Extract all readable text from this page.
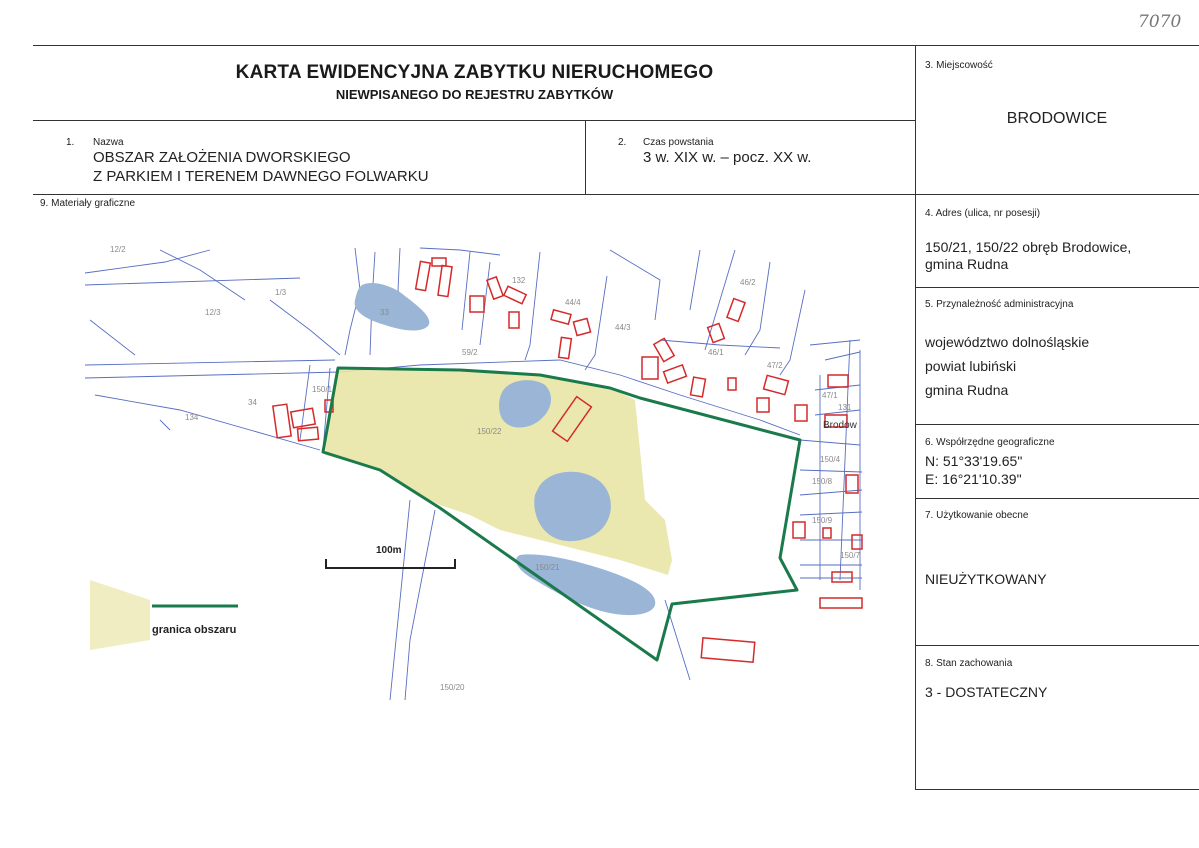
7070
KARTA EWIDENCYJNA ZABYTKU NIERUCHOMEGO
NIEWPISANEGO DO REJESTRU ZABYTKÓW
1. Nazwa
OBSZAR ZAŁOŻENIA DWORSKIEGO
Z PARKIEM I TERENEM DAWNEGO FOLWARKU
2. Czas powstania
3 w. XIX w. – pocz. XX w.
3. Miejscowość
BRODOWICE
4. Adres (ulica, nr posesji)
150/21, 150/22 obręb Brodowice,
gmina Rudna
5. Przynależność administracyjna
województwo dolnośląskie
powiat lubiński
gmina Rudna
6. Współrzędne geograficzne
N: 51°33'19.65"
E: 16°21'10.39"
7. Użytkowanie obecne
NIEUŻYTKOWANY
8. Stan zachowania
3 - DOSTATECZNY
9. Materiały graficzne
12/3	33
132
44/4
44/3
46/2
46/1
47/2
47/1
131
59/2
150/1
150/22
150/4
150/8
150/9
150/7
150/21
150/20
134
34
1/3
12/2
Brodow
100m
granica obszaru
